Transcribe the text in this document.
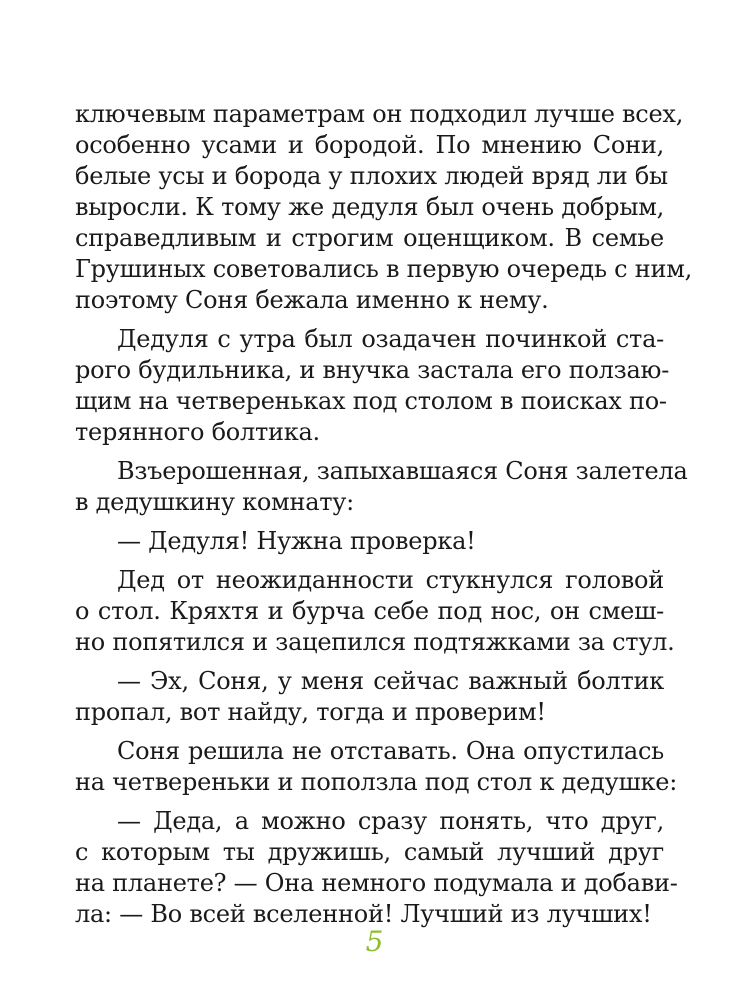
ключевым параметрам он подходил лучше всех,
особенно усами и бородой. По мнению Сони,
белые усы и борода у плохих людей вряд ли бы
выросли. К тому же дедуля был очень добрым,
справедливым и строгим оценщиком. В семье
Грушиных советовались в первую очередь с ним,
поэтому Соня бежала именно к нему.
Дедуля с утра был озадачен починкой ста-
рого будильника, и внучка застала его ползаю-
щим на четвереньках под столом в поисках по-
терянного болтика.
Взъерошенная, запыхавшаяся Соня залетела
в дедушкину комнату:
— Дедуля! Нужна проверка!
Дед от неожиданности стукнулся головой
о стол. Кряхтя и бурча себе под нос, он смеш-
но попятился и зацепился подтяжками за стул.
— Эх, Соня, у меня сейчас важный болтик
пропал, вот найду, тогда и проверим!
Соня решила не отставать. Она опустилась
на четвереньки и поползла под стол к дедушке:
— Деда, а можно сразу понять, что друг,
с которым ты дружишь, самый лучший друг
на планете? — Она немного подумала и добави-
ла: — Во всей вселенной! Лучший из лучших!
5
